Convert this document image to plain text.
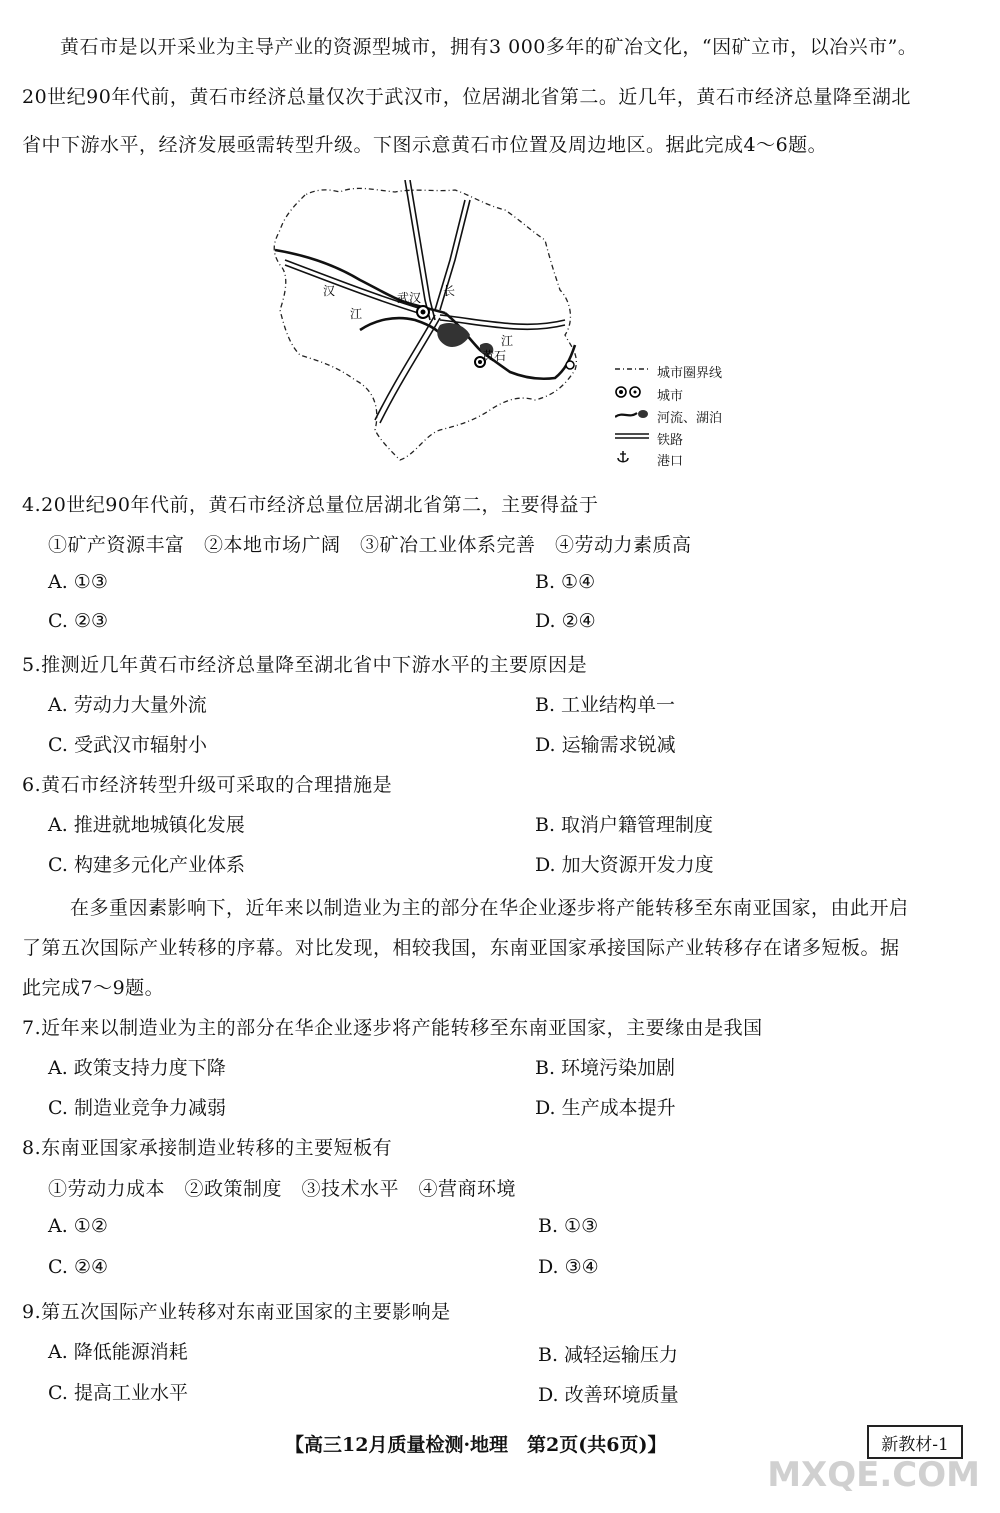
黄石市是以开采业为主导产业的资源型城市，拥有3 000多年的矿冶文化，“因矿立市，以冶兴市”。
20世纪90年代前，黄石市经济总量仅次于武汉市，位居湖北省第二。近几年，黄石市经济总量降至湖北
省中下游水平，经济发展亟需转型升级。下图示意黄石市位置及周边地区。据此完成4～6题。
武汉
黄石
汉
江
长
江
城市圈界线
城市
河流、湖泊
铁路
港口
4.20世纪90年代前，黄石市经济总量位居湖北省第二，主要得益于
①矿产资源丰富　②本地市场广阔　③矿冶工业体系完善　④劳动力素质高
A. ①③	B. ①④
C. ②③	D. ②④
5.推测近几年黄石市经济总量降至湖北省中下游水平的主要原因是
A. 劳动力大量外流	B. 工业结构单一
C. 受武汉市辐射小	D. 运输需求锐减
6.黄石市经济转型升级可采取的合理措施是
A. 推进就地城镇化发展	B. 取消户籍管理制度
C. 构建多元化产业体系	D. 加大资源开发力度
在多重因素影响下，近年来以制造业为主的部分在华企业逐步将产能转移至东南亚国家，由此开启
了第五次国际产业转移的序幕。对比发现，相较我国，东南亚国家承接国际产业转移存在诸多短板。据
此完成7～9题。
7.近年来以制造业为主的部分在华企业逐步将产能转移至东南亚国家，主要缘由是我国
A. 政策支持力度下降	B. 环境污染加剧
C. 制造业竞争力减弱	D. 生产成本提升
8.东南亚国家承接制造业转移的主要短板有
①劳动力成本　②政策制度　③技术水平　④营商环境
A. ①②	B. ①③
C. ②④	D. ③④
9.第五次国际产业转移对东南亚国家的主要影响是
A. 降低能源消耗	B. 减轻运输压力
C. 提高工业水平	D. 改善环境质量
【高三12月质量检测·地理　第2页(共6页)】	新教材-1
MXQE.COM
